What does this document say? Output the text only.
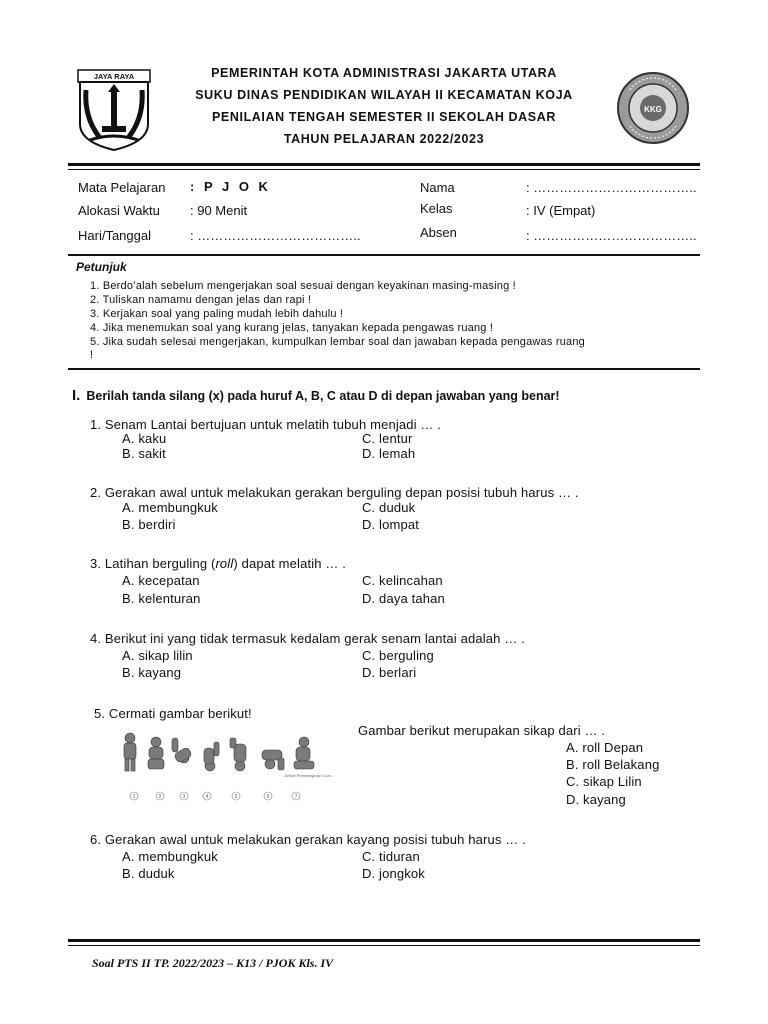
JAYA RAYA
KKG
PEMERINTAH KOTA ADMINISTRASI JAKARTA UTARA
SUKU DINAS PENDIDIKAN WILAYAH II KECAMATAN KOJA
PENILAIAN TENGAH SEMESTER II SEKOLAH DASAR
TAHUN PELAJARAN 2022/2023
Mata Pelajaran : P J O K
Alokasi Waktu : 90 Menit
Hari/Tanggal	: ………………………………..
Nama	: ………………………………..
Kelas	: IV (Empat)
Absen	: ………………………………..
Petunjuk
1. Berdo’alah sebelum mengerjakan soal sesuai dengan keyakinan masing-masing !
2. Tuliskan namamu dengan jelas dan rapi !
3. Kerjakan soal yang paling mudah lebih dahulu !
4. Jika menemukan soal yang kurang jelas, tanyakan kepada pengawas ruang !
5. Jika sudah selesai mengerjakan, kumpulkan lembar soal dan jawaban kepada pengawas ruang
!
I. Berilah tanda silang (x) pada huruf A, B, C atau D di depan jawaban yang benar!
1. Senam Lantai bertujuan untuk melatih tubuh menjadi … .
A. kaku
B. sakit
C. lentur
D. lemah
2. Gerakan awal untuk melakukan gerakan berguling depan posisi tubuh harus … .
A. membungkuk
B. berdiri
C. duduk
D. lompat
3. Latihan berguling (roll) dapat melatih … .
A. kecepatan
B. kelenturan
C. kelincahan
D. daya tahan
4. Berikut ini yang tidak termasuk kedalam gerak senam lantai adalah … .
A. sikap lilin
B. kayang
C. berguling
D. berlari
5. Cermati gambar berikut!
Gambar berikut merupakan sikap dari … .
A. roll Depan
B. roll Belakang
C. sikap Lilin
D. kayang
Artikel Pembelajaran Guru
1	2	3	4	5	6	7
6. Gerakan awal untuk melakukan gerakan kayang posisi tubuh harus … .
A. membungkuk
B. duduk
C. tiduran
D. jongkok
Soal PTS II TP. 2022/2023 – K13 / PJOK Kls. IV
